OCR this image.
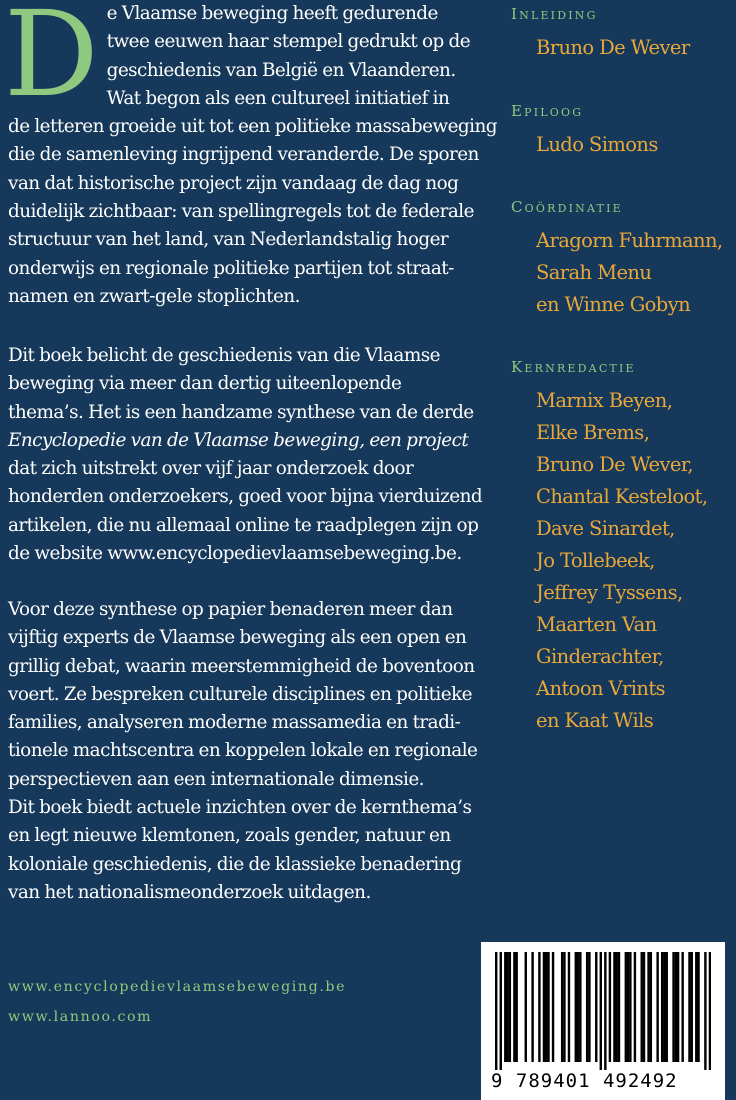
D e Vlaamse beweging heeft gedurende
twee eeuwen haar stempel gedrukt op de
geschiedenis van België en Vlaanderen.
Wat begon als een cultureel initiatief in
de letteren groeide uit tot een politieke massabeweging
die de samenleving ingrijpend veranderde. De sporen
van dat historische project zijn vandaag de dag nog
duidelijk zichtbaar: van spellingregels tot de federale
structuur van het land, van Nederlandstalig hoger
onderwijs en regionale politieke partijen tot straat-
namen en zwart-gele stoplichten.
Dit boek belicht de geschiedenis van die Vlaamse
beweging via meer dan dertig uiteenlopende
thema’s. Het is een handzame synthese van de derde
Encyclopedie van de Vlaamse beweging, een project
dat zich uitstrekt over vijf jaar onderzoek door
honderden onderzoekers, goed voor bijna vierduizend
artikelen, die nu allemaal online te raadplegen zijn op
de website www.encyclopedievlaamsebeweging.be.
Voor deze synthese op papier benaderen meer dan
vijftig experts de Vlaamse beweging als een open en
grillig debat, waarin meerstemmigheid de boventoon
voert. Ze bespreken culturele disciplines en politieke
families, analyseren moderne massamedia en tradi-
tionele machtscentra en koppelen lokale en regionale
perspectieven aan een internationale dimensie.
Dit boek biedt actuele inzichten over de kernthema’s
en legt nieuwe klemtonen, zoals gender, natuur en
koloniale geschiedenis, die de klassieke benadering
van het nationalismeonderzoek uitdagen.
Inleiding
Bruno De Wever
Epiloog
Ludo Simons
Coördinatie
Aragorn Fuhrmann,
Sarah Menu
en Winne Gobyn
Kernredactie
Marnix Beyen,
Elke Brems,
Bruno De Wever,
Chantal Kesteloot,
Dave Sinardet,
Jo Tollebeek,
Jeffrey Tyssens,
Maarten Van
Ginderachter,
Antoon Vrints
en Kaat Wils
www.encyclopedievlaamsebeweging.be
www.lannoo.com
9 789401 492492
